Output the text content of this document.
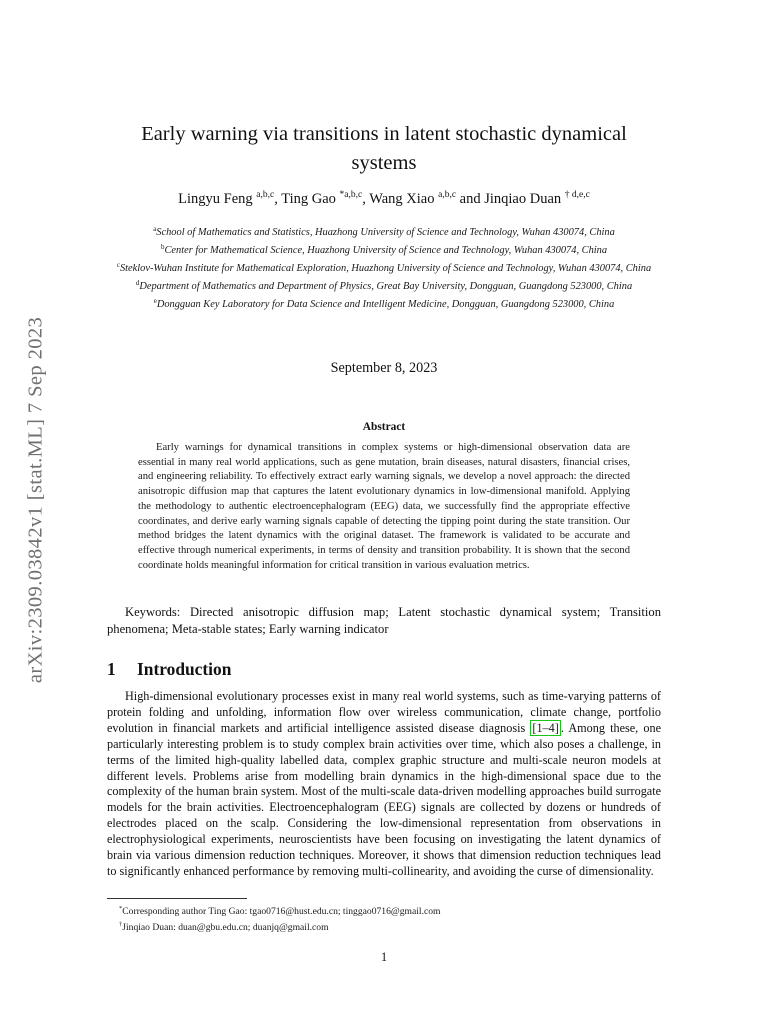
arXiv:2309.03842v1 [stat.ML] 7 Sep 2023
Early warning via transitions in latent stochastic dynamical systems
Lingyu Feng $^{a,b,c}$, Ting Gao $^{*a,b,c}$, Wang Xiao $^{a,b,c}$ and Jinqiao Duan $^{\dagger d,e,c}$

$^a$School of Mathematics and Statistics, Huazhong University of Science and Technology, Wuhan 430074, China

$^b$Center for Mathematical Science, Huazhong University of Science and Technology, Wuhan 430074, China

$^c$Steklov-Wuhan Institute for Mathematical Exploration, Huazhong University of Science and Technology, Wuhan 430074, China

$^d$Department of Mathematics and Department of Physics, Great Bay University, Dongguan, Guangdong 523000, China

$^e$Dongguan Key Laboratory for Data Science and Intelligent Medicine, Dongguan, Guangdong 523000, China

September 8, 2023
Abstract

Early warnings for dynamical transitions in complex systems or high-dimensional observation data are essential in many real world applications, such as gene mutation, brain diseases, natural disasters, financial crises, and engineering reliability. To effectively extract early warning signals, we develop a novel approach: the directed anisotropic diffusion map that captures the latent evolutionary dynamics in low-dimensional manifold. Applying the methodology to authentic electroencephalogram (EEG) data, we successfully find the appropriate effective coordinates, and derive early warning signals capable of detecting the tipping point during the state transition. Our method bridges the latent dynamics with the original dataset. The framework is validated to be accurate and effective through numerical experiments, in terms of density and transition probability. It is shown that the second coordinate holds meaningful information for critical transition in various evaluation metrics.

Keywords: Directed anisotropic diffusion map; Latent stochastic dynamical system; Transition phenomena; Meta-stable states; Early warning indicator

1 Introduction

High-dimensional evolutionary processes exist in many real world systems, such as time-varying patterns of protein folding and unfolding, information flow over wireless communication, climate change, portfolio evolution in financial markets and artificial intelligence assisted disease diagnosis [1–4] . Among these, one particularly interesting problem is to study complex brain activities over time, which also poses a challenge, in terms of the limited high-quality labelled data, complex graphic structure and multi-scale neuron models at different levels. Problems arise from modelling brain dynamics in the high-dimensional space due to the complexity of the human brain system. Most of the multi-scale data-driven modelling approaches build surrogate models for the brain activities. Electroencephalogram (EEG) signals are collected by dozens or hundreds of electrodes placed on the scalp. Considering the low-dimensional representation from observations in electrophysiological experiments, neuroscientists have been focusing on investigating the latent dynamics of brain via various dimension reduction techniques. Moreover, it shows that dimension reduction techniques lead to significantly enhanced performance by removing multi-collinearity, and avoiding the curse of dimensionality.

*Corresponding author Ting Gao: tgao0716@hust.edu.cn; tinggao0716@gmail.com

†Jinqiao Duan: duan@gbu.edu.cn; duanjq@gmail.com

1
